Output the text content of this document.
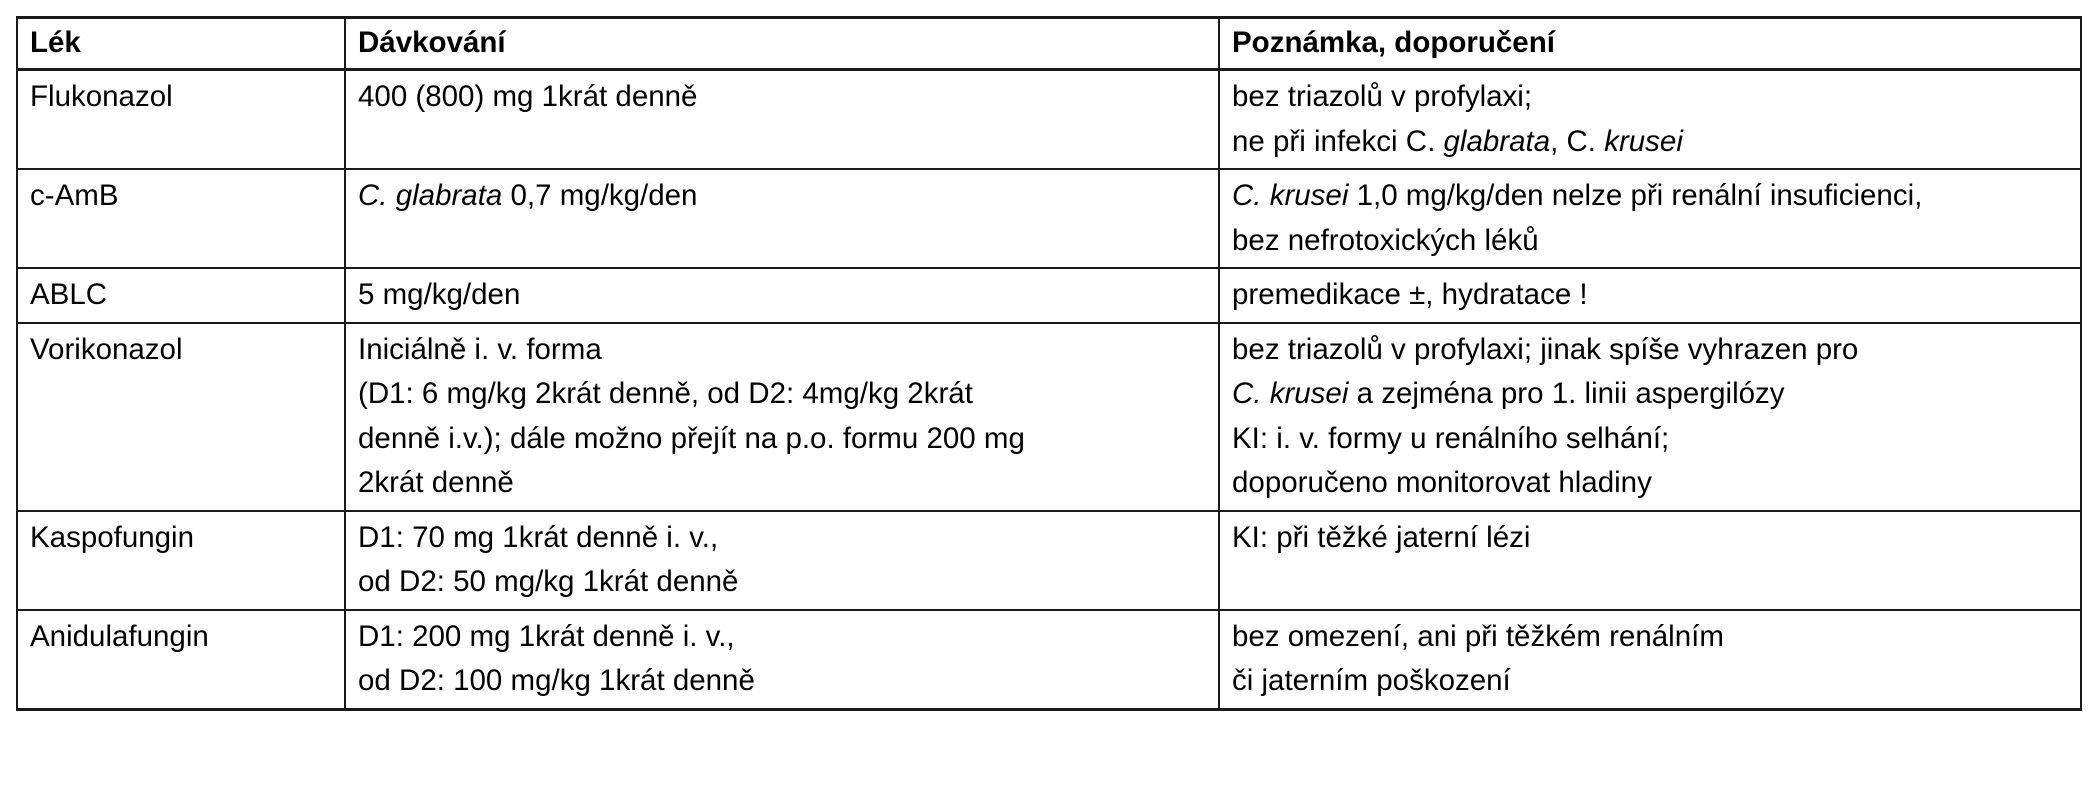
Lék	Dávkování	Poznámka, doporučení
Flukonazol	400 (800) mg 1krát denně	bez triazolů v profylaxi;
ne při infekci C. glabrata, C. krusei

c-AmB	C. glabrata 0,7 mg/kg/den	C. krusei 1,0 mg/kg/den nelze při renální insuficienci,
bez nefrotoxických léků

ABLC	5 mg/kg/den	premedikace ±, hydratace !

Vorikonazol	Iniciálně i. v. forma
(D1: 6 mg/kg 2krát denně, od D2: 4mg/kg 2krát
denně i.v.); dále možno přejít na p.o. formu 200 mg
2krát denně	bez triazolů v profylaxi; jinak spíše vyhrazen pro
C. krusei a zejména pro 1. linii aspergilózy
KI: i. v. formy u renálního selhání;
doporučeno monitorovat hladiny

Kaspofungin	D1: 70 mg 1krát denně i. v.,
od D2: 50 mg/kg 1krát denně	KI: při těžké jaterní lézi

Anidulafungin	D1: 200 mg 1krát denně i. v.,
od D2: 100 mg/kg 1krát denně	bez omezení, ani při těžkém renálním
či jaterním poškození
